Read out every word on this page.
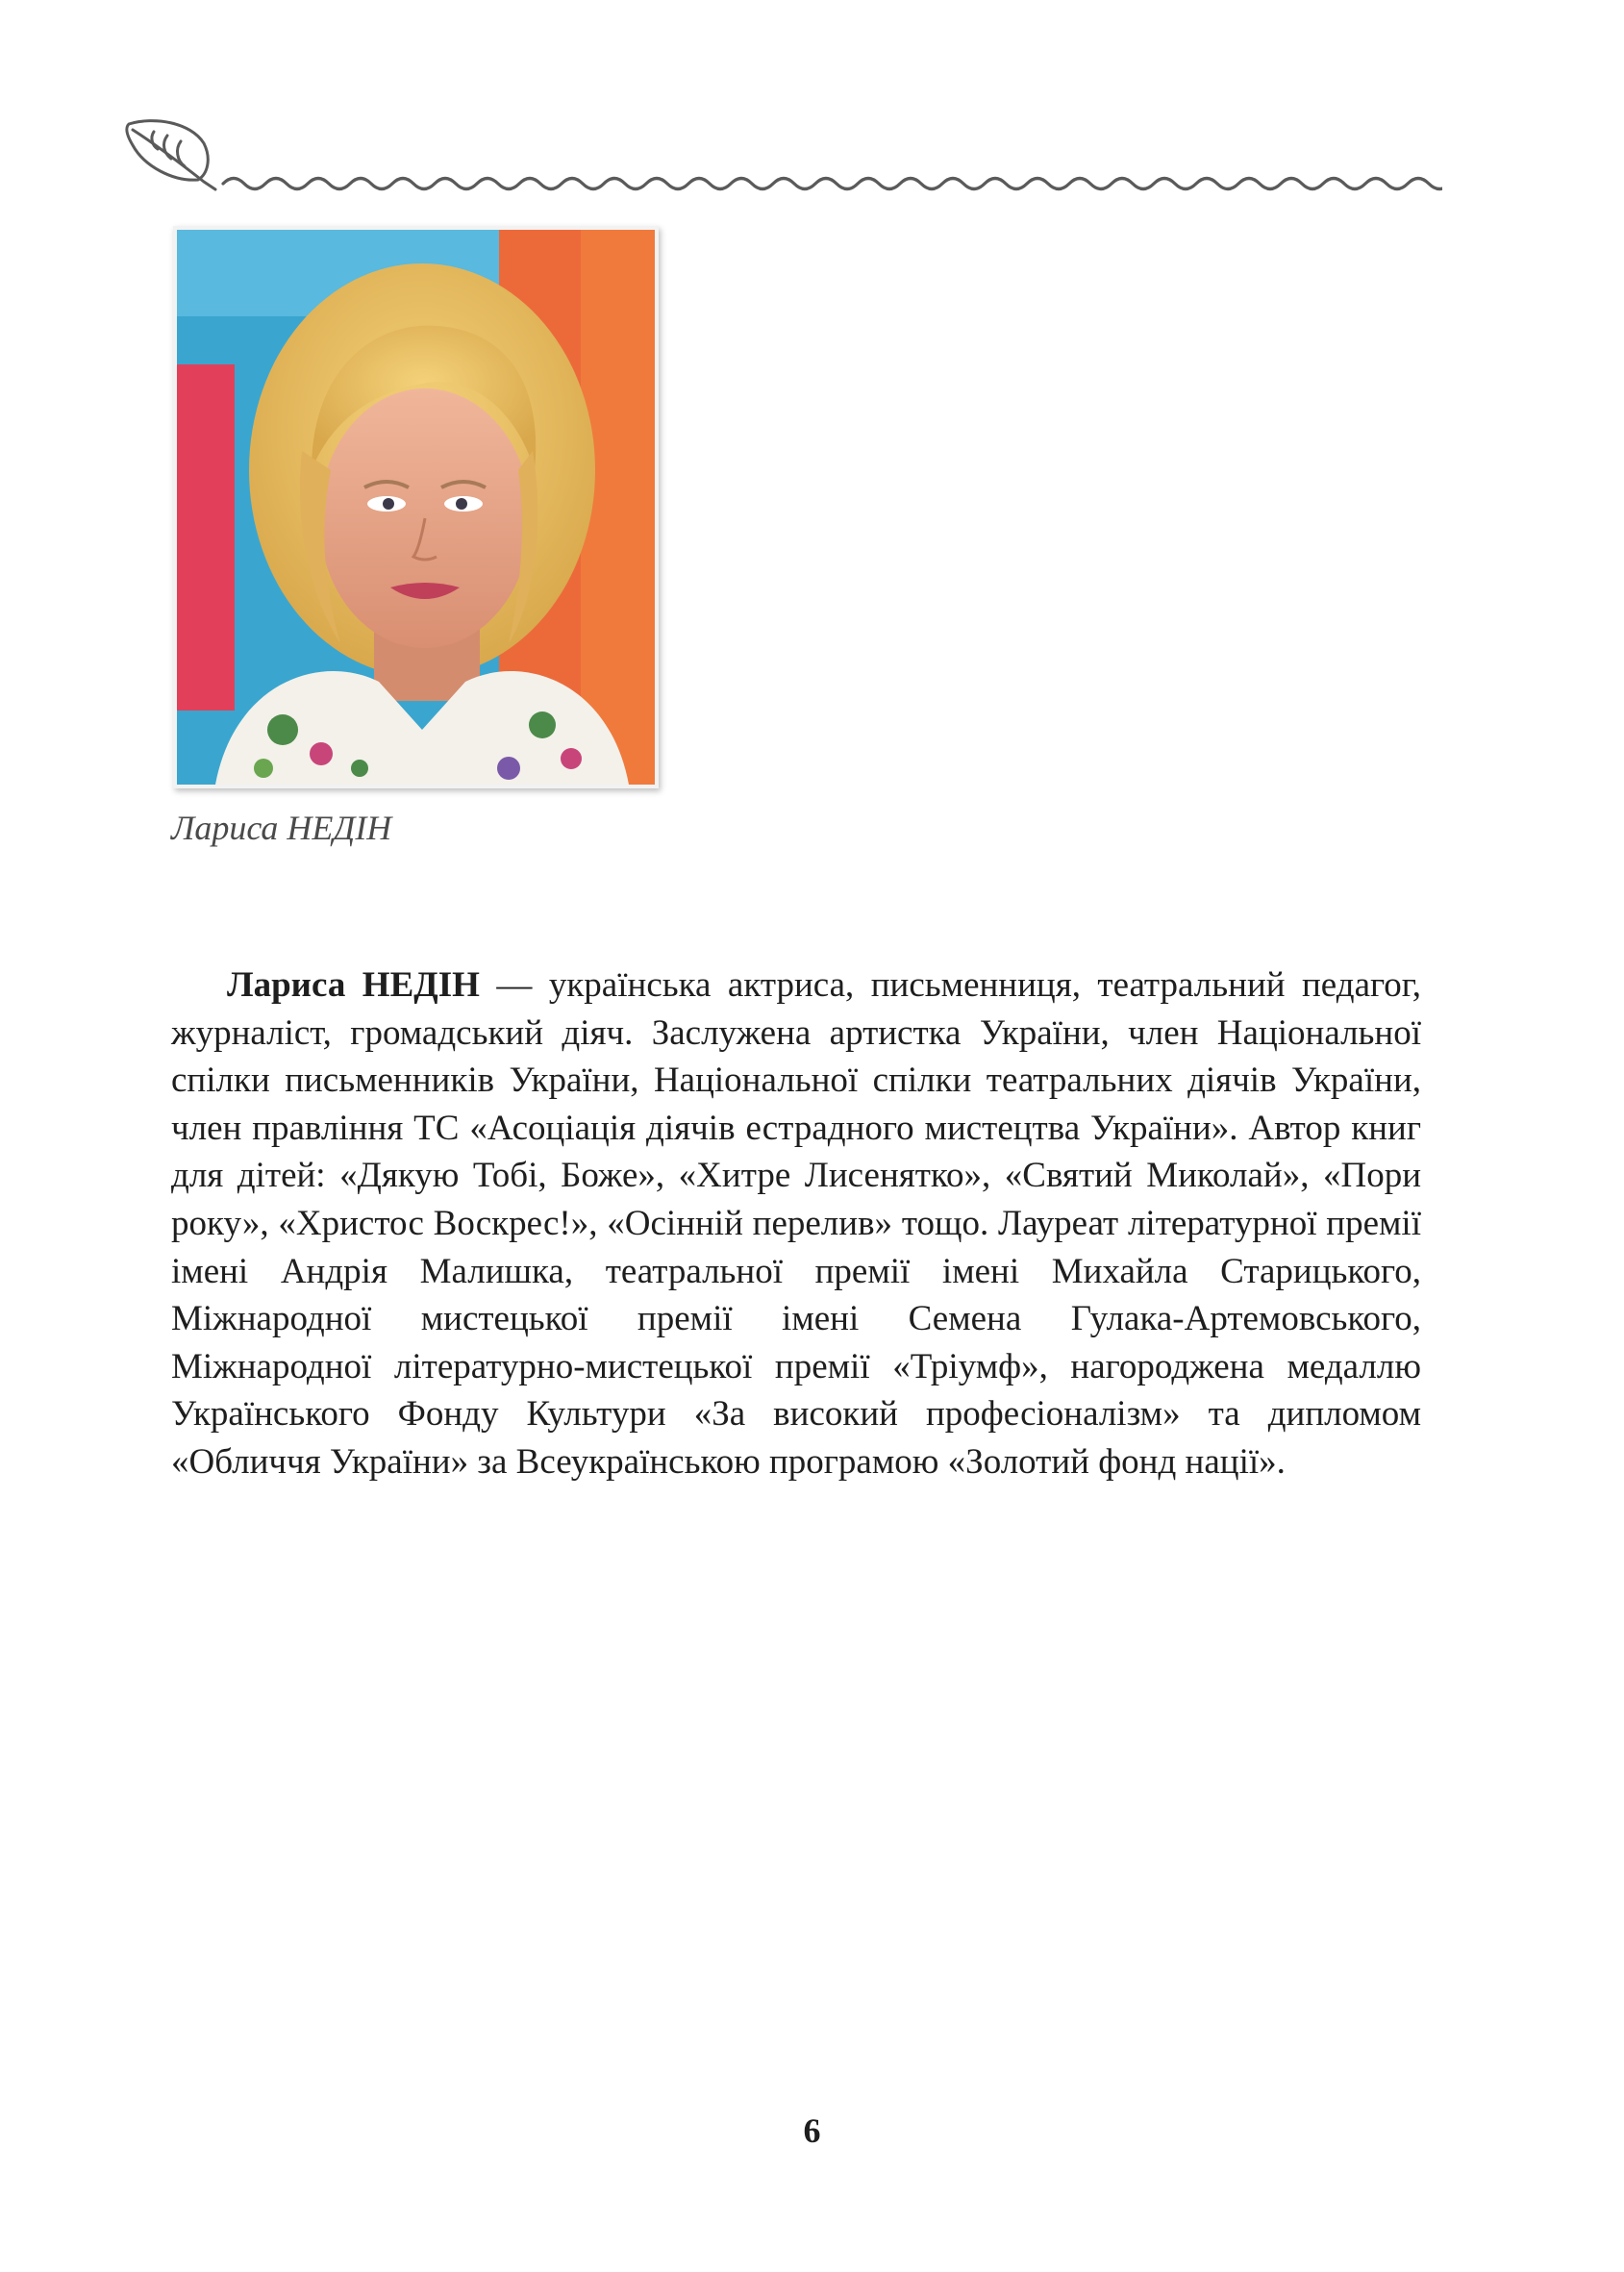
Лариса НЕДІН

Лариса НЕДІН — українська актриса, письменниця, театральний педагог, журналіст, громадський діяч. Заслужена артистка України, член Національної спілки письменників України, Національної спілки театральних діячів України, член правління ТС «Асоціація діячів естрадного мистецтва України». Автор книг для дітей: «Дякую Тобі, Боже», «Хитре Лисенятко», «Святий Миколай», «Пори року», «Христос Воскрес!», «Осінній перелив» тощо. Лауреат літературної премії імені Андрія Малишка, театральної премії імені Михайла Старицького, Міжнародної мистецької премії імені Семена Гулака-Артемовського, Міжнародної літературно-мистецької премії «Тріумф», нагороджена медаллю Українського Фонду Культури «За високий професіоналізм» та дипломом «Обличчя України» за Всеукраїнською програмою «Золотий фонд нації».

6
